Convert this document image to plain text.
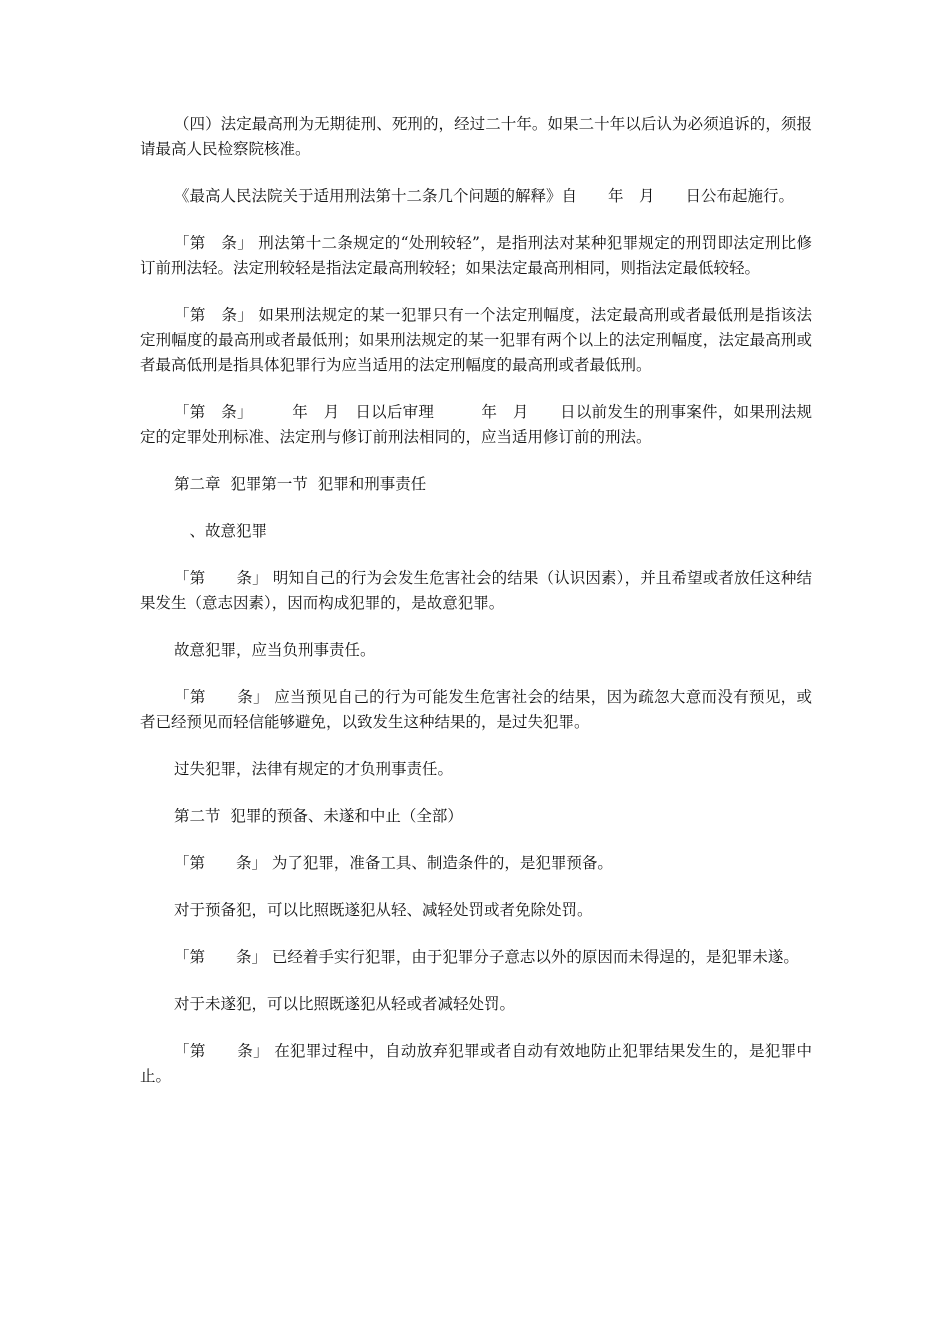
（四）法定最高刑为无期徒刑、死刑的，经过二十年。如果二十年以后认为必须追诉的，须报请最高人民检察院核准。

《最高人民法院关于适用刑法第十二条几个问题的解释》自　　年　月　　日公布起施行。

「第　条」 刑法第十二条规定的“处刑较轻”，是指刑法对某种犯罪规定的刑罚即法定刑比修订前刑法轻。法定刑较轻是指法定最高刑较轻；如果法定最高刑相同，则指法定最低较轻。

「第　条」 如果刑法规定的某一犯罪只有一个法定刑幅度，法定最高刑或者最低刑是指该法定刑幅度的最高刑或者最低刑；如果刑法规定的某一犯罪有两个以上的法定刑幅度，法定最高刑或者最高低刑是指具体犯罪行为应当适用的法定刑幅度的最高刑或者最低刑。

「第　条」　　　年　月　日以后审理　　　年　月　　日以前发生的刑事案件，如果刑法规定的定罪处刑标准、法定刑与修订前刑法相同的，应当适用修订前的刑法。

第二章  犯罪第一节  犯罪和刑事责任

　、故意犯罪

「第　　条」 明知自己的行为会发生危害社会的结果（认识因素），并且希望或者放任这种结果发生（意志因素），因而构成犯罪的，是故意犯罪。

故意犯罪，应当负刑事责任。

「第　　条」 应当预见自己的行为可能发生危害社会的结果，因为疏忽大意而没有预见，或者已经预见而轻信能够避免，以致发生这种结果的，是过失犯罪。

过失犯罪，法律有规定的才负刑事责任。

第二节  犯罪的预备、未遂和中止（全部）

「第　　条」 为了犯罪，准备工具、制造条件的，是犯罪预备。

对于预备犯，可以比照既遂犯从轻、减轻处罚或者免除处罚。

「第　　条」 已经着手实行犯罪，由于犯罪分子意志以外的原因而未得逞的，是犯罪未遂。

对于未遂犯，可以比照既遂犯从轻或者减轻处罚。

「第　　条」 在犯罪过程中，自动放弃犯罪或者自动有效地防止犯罪结果发生的，是犯罪中止。
